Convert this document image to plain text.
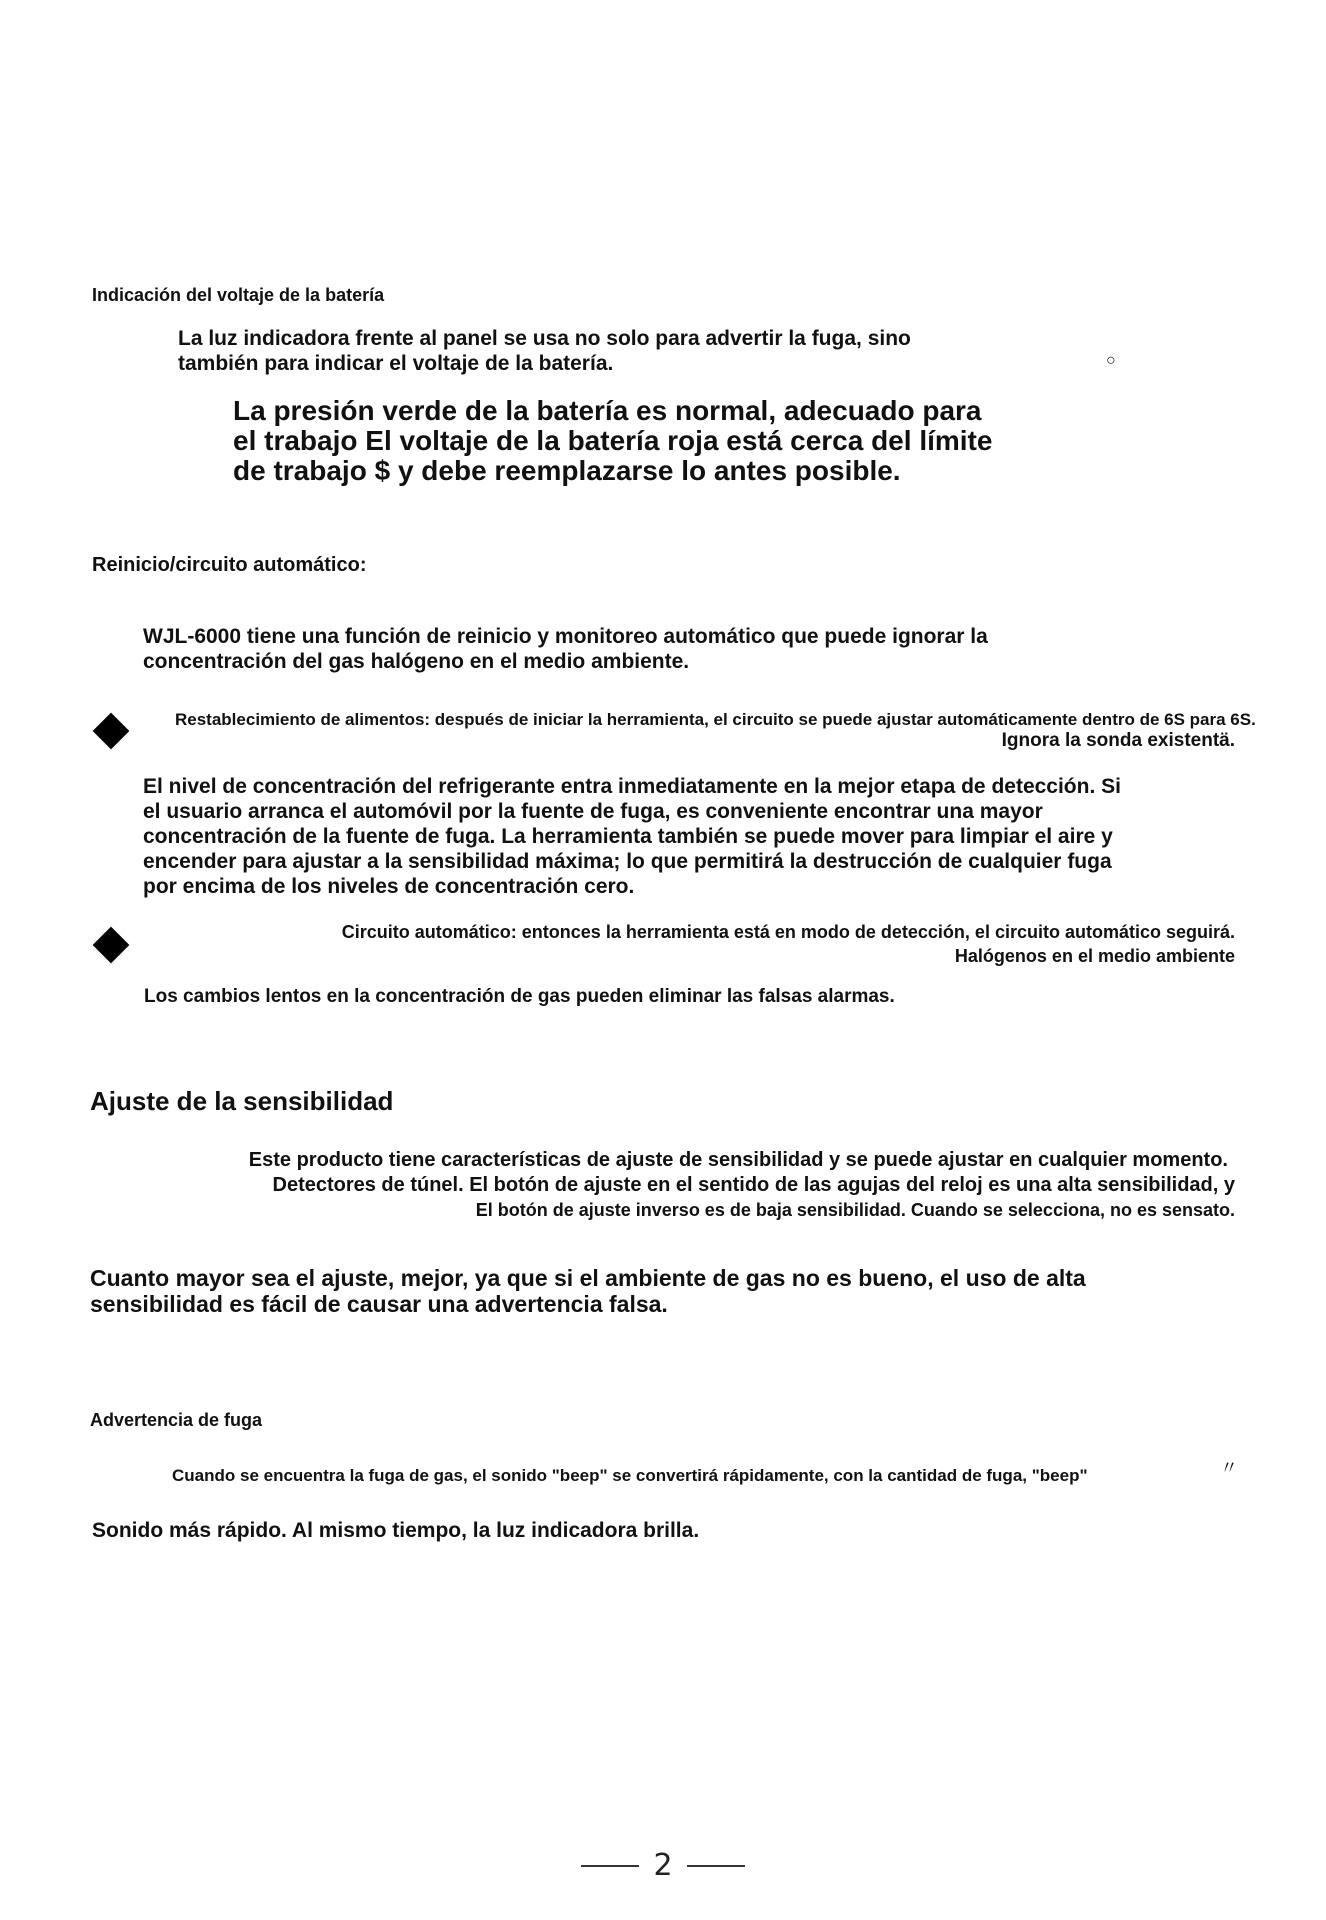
Indicación del voltaje de la batería

La luz indicadora frente al panel se usa no solo para advertir la fuga, sino

también para indicar el voltaje de la batería.	○

La presión verde de la batería es normal, adecuado para

el trabajo El voltaje de la batería roja está cerca del límite

de trabajo $ y debe reemplazarse lo antes posible.

Reinicio/circuito automático:

WJL-6000 tiene una función de reinicio y monitoreo automático que puede ignorar la

concentración del gas halógeno en el medio ambiente.

Restablecimiento de alimentos: después de iniciar la herramienta, el circuito se puede ajustar automáticamente dentro de 6S para 6S.

Ignora la sonda existentä.

El nivel de concentración del refrigerante entra inmediatamente en la mejor etapa de detección. Si

el usuario arranca el automóvil por la fuente de fuga, es conveniente encontrar una mayor

concentración de la fuente de fuga. La herramienta también se puede mover para limpiar el aire y

encender para ajustar a la sensibilidad máxima; lo que permitirá la destrucción de cualquier fuga

por encima de los niveles de concentración cero.

Circuito automático: entonces la herramienta está en modo de detección, el circuito automático seguirá.

Halógenos en el medio ambiente

Los cambios lentos en la concentración de gas pueden eliminar las falsas alarmas.

Ajuste de la sensibilidad

Este producto tiene características de ajuste de sensibilidad y se puede ajustar en cualquier momento.

Detectores de túnel. El botón de ajuste en el sentido de las agujas del reloj es una alta sensibilidad, y

El botón de ajuste inverso es de baja sensibilidad. Cuando se selecciona, no es sensato.

Cuanto mayor sea el ajuste, mejor, ya que si el ambiente de gas no es bueno, el uso de alta

sensibilidad es fácil de causar una advertencia falsa.

Advertencia de fuga

Cuando se encuentra la fuga de gas, el sonido "beep" se convertirá rápidamente, con la cantidad de fuga, "beep"	〃

Sonido más rápido. Al mismo tiempo, la luz indicadora brilla.

2
